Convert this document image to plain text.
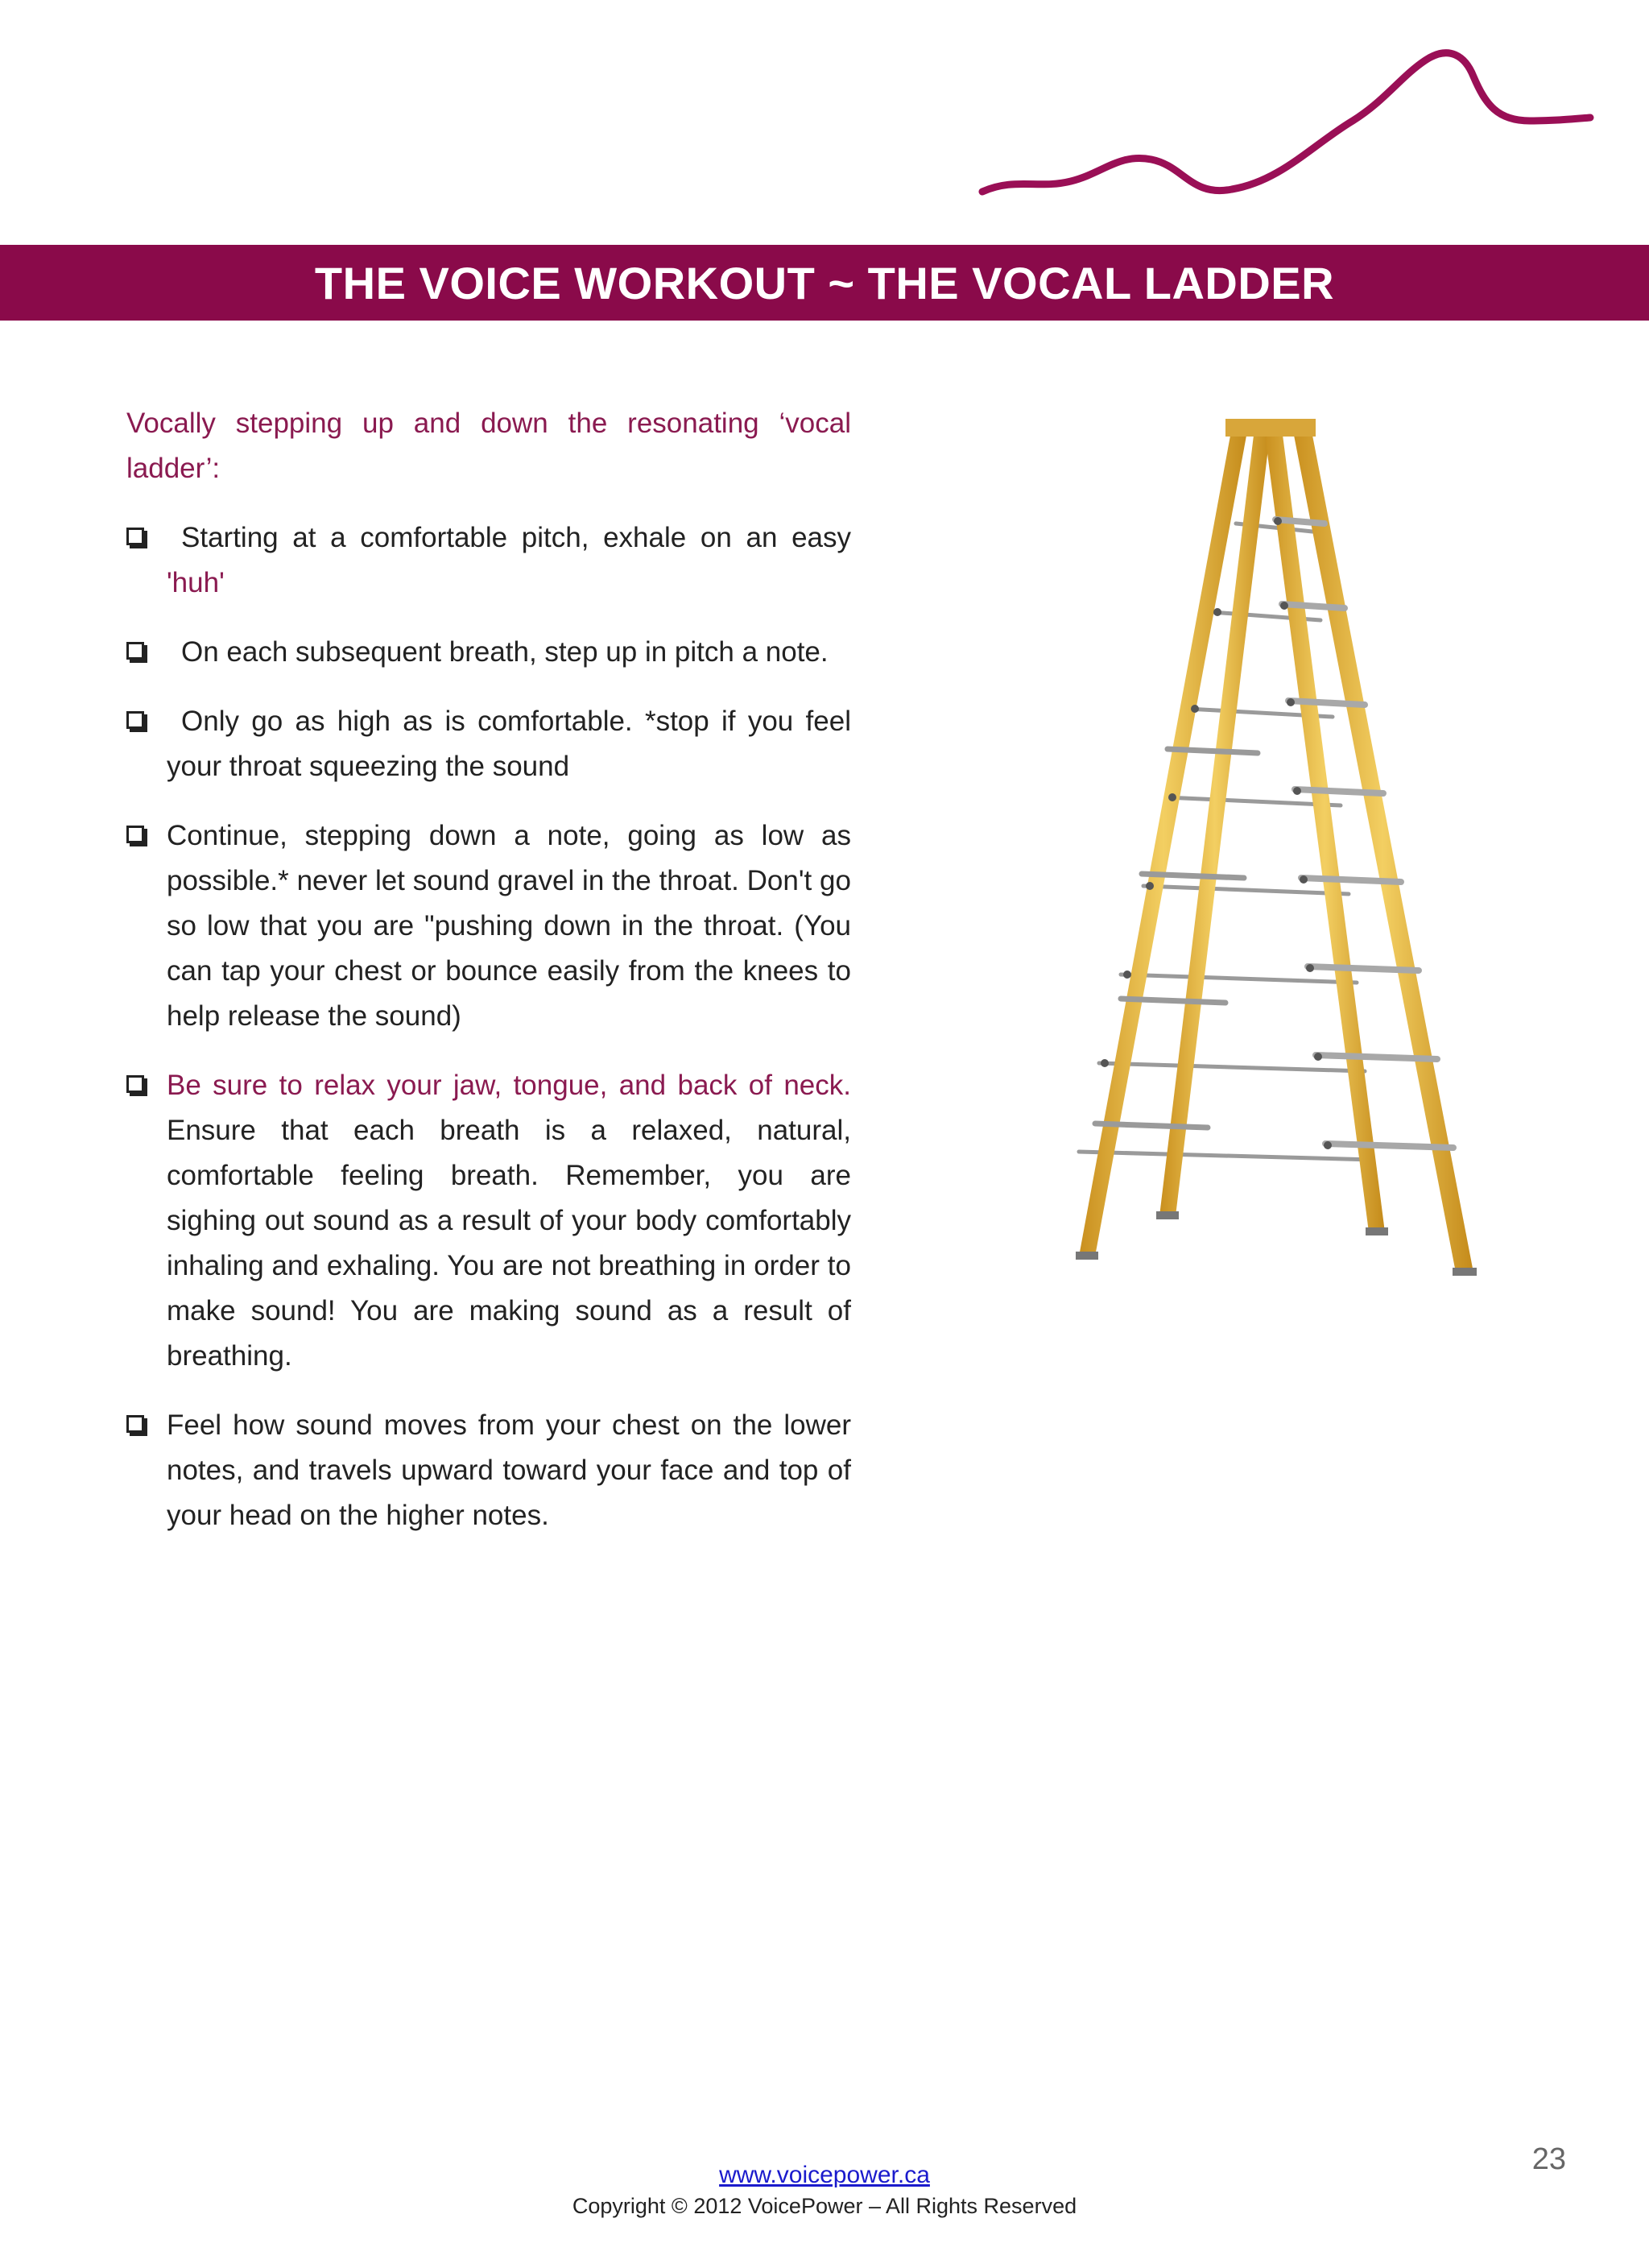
THE VOICE WORKOUT ~ THE VOCAL LADDER

Vocally stepping up and down the resonating ‘vocal ladder’:

Starting at a comfortable pitch, exhale on an easy 'huh'
On each subsequent breath, step up in pitch a note.
Only go as high as is comfortable. *stop if you feel your throat squeezing the sound
Continue, stepping down a note, going as low as possible.* never let sound gravel in the throat. Don't go so low that you are "pushing down in the throat. (You can tap your chest or bounce easily from the knees to help release the sound)
Be sure to relax your jaw, tongue, and back of neck. Ensure that each breath is a relaxed, natural, comfortable feeling breath. Remember, you are sighing out sound as a result of your body comfortably inhaling and exhaling. You are not breathing in order to make sound! You are making sound as a result of breathing.
Feel how sound moves from your chest on the lower notes, and travels upward toward your face and top of your head on the higher notes.
www.voicepower.ca
Copyright © 2012 VoicePower – All Rights Reserved
23
